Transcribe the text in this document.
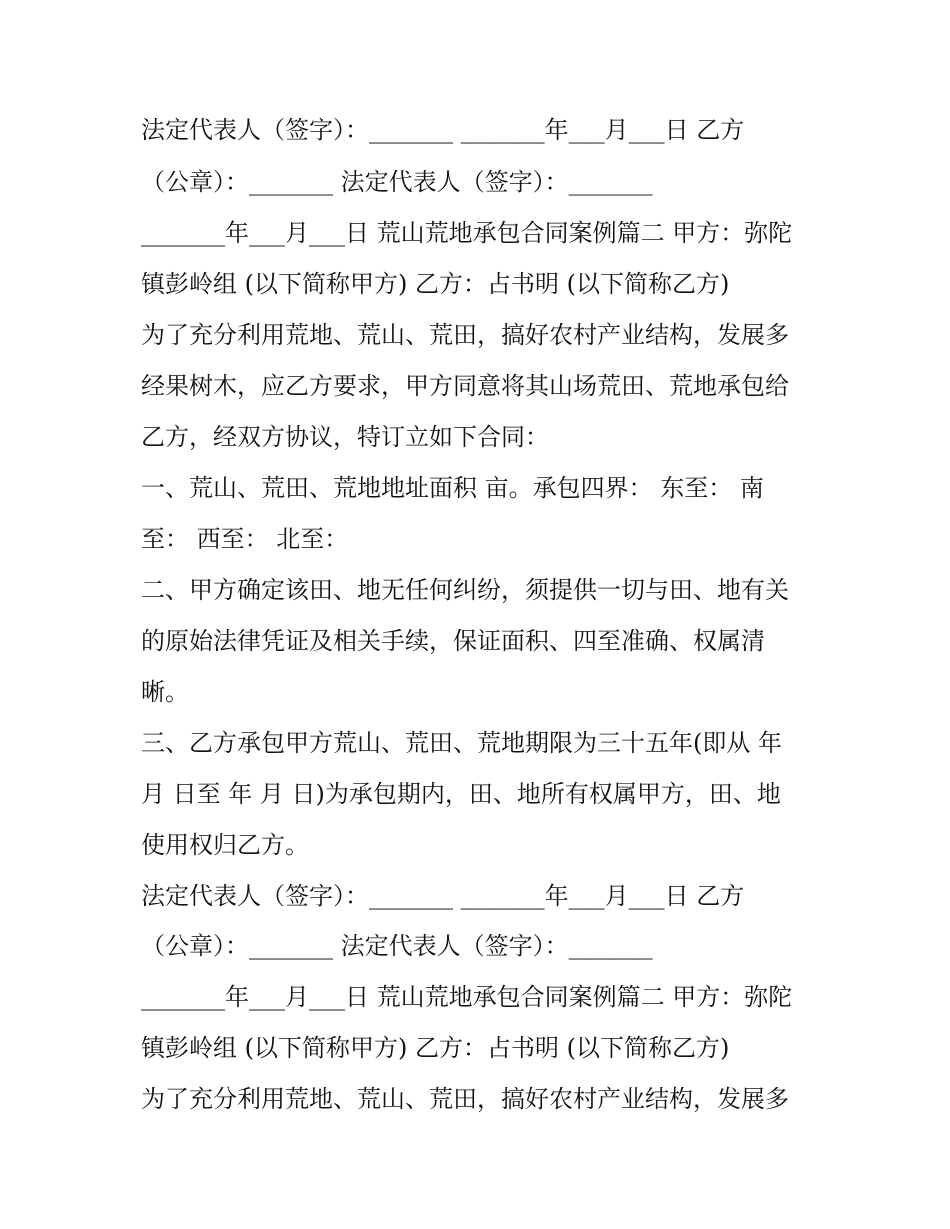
法定代表人（签字）：_______ _______年___月___日 乙方
（公章）：_______ 法定代表人（签字）：_______
_______年___月___日 荒山荒地承包合同案例篇二 甲方：弥陀
镇彭岭组 (以下简称甲方) 乙方：占书明 (以下简称乙方)
为了充分利用荒地、荒山、荒田，搞好农村产业结构，发展多
经果树木，应乙方要求，甲方同意将其山场荒田、荒地承包给
乙方，经双方协议，特订立如下合同：
一、荒山、荒田、荒地地址面积 亩。承包四界： 东至： 南
至： 西至： 北至：
二、甲方确定该田、地无任何纠纷，须提供一切与田、地有关
的原始法律凭证及相关手续，保证面积、四至准确、权属清
晰。
三、乙方承包甲方荒山、荒田、荒地期限为三十五年(即从 年
月 日至 年 月 日)为承包期内，田、地所有权属甲方，田、地
使用权归乙方。
法定代表人（签字）：_______ _______年___月___日 乙方
（公章）：_______ 法定代表人（签字）：_______
_______年___月___日 荒山荒地承包合同案例篇二 甲方：弥陀
镇彭岭组 (以下简称甲方) 乙方：占书明 (以下简称乙方)
为了充分利用荒地、荒山、荒田，搞好农村产业结构，发展多
